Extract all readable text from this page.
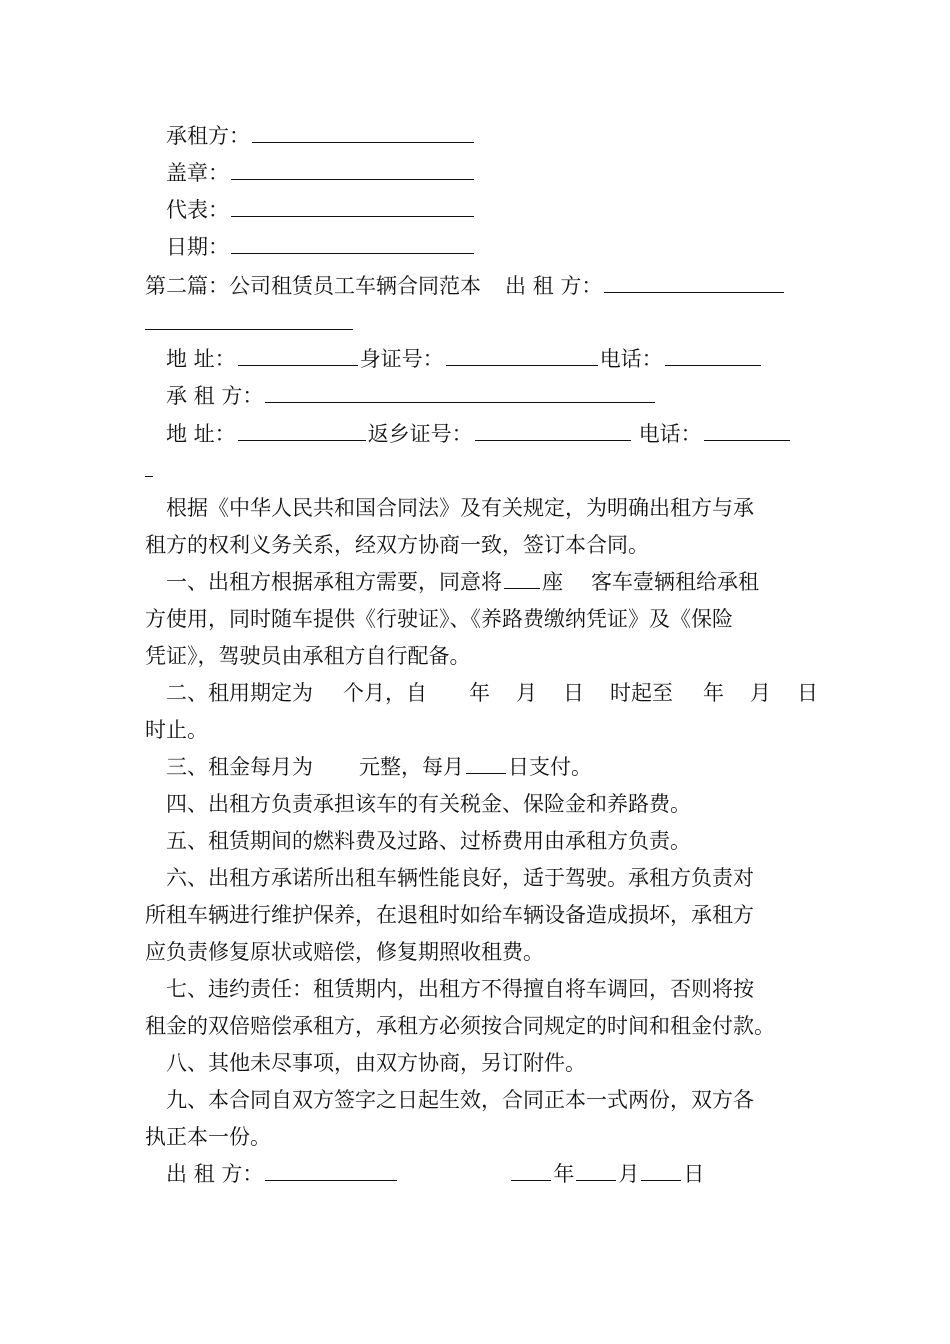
承租方：
盖章：
代表：
日期：
第二篇：公司租赁员工车辆合同范本 出 租 方：
地 址：	身证号：	电话：
承 租 方：
地 址：	返乡证号：	电话：
根据《中华人民共和国合同法》及有关规定，为明确出租方与承
租方的权利义务关系，经双方协商一致，签订本合同。
一、出租方根据承租方需要，同意将 座 客车壹辆租给承租
方使用，同时随车提供《行驶证》、《养路费缴纳凭证》及《保险
凭证》，驾驶员由承租方自行配备。
二、租用期定为 个月，自 年 月 日 时起至 年 月 日
时止。
三、租金每月为 元整，每月 日支付。
四、出租方负责承担该车的有关税金、保险金和养路费。
五、租赁期间的燃料费及过路、过桥费用由承租方负责。
六、出租方承诺所出租车辆性能良好，适于驾驶。承租方负责对
所租车辆进行维护保养，在退租时如给车辆设备造成损坏，承租方
应负责修复原状或赔偿，修复期照收租费。
七、违约责任：租赁期内，出租方不得擅自将车调回，否则将按
租金的双倍赔偿承租方，承租方必须按合同规定的时间和租金付款。
八、其他未尽事项，由双方协商，另订附件。
九、本合同自双方签字之日起生效，合同正本一式两份，双方各
执正本一份。
出 租 方：	年 月 日
